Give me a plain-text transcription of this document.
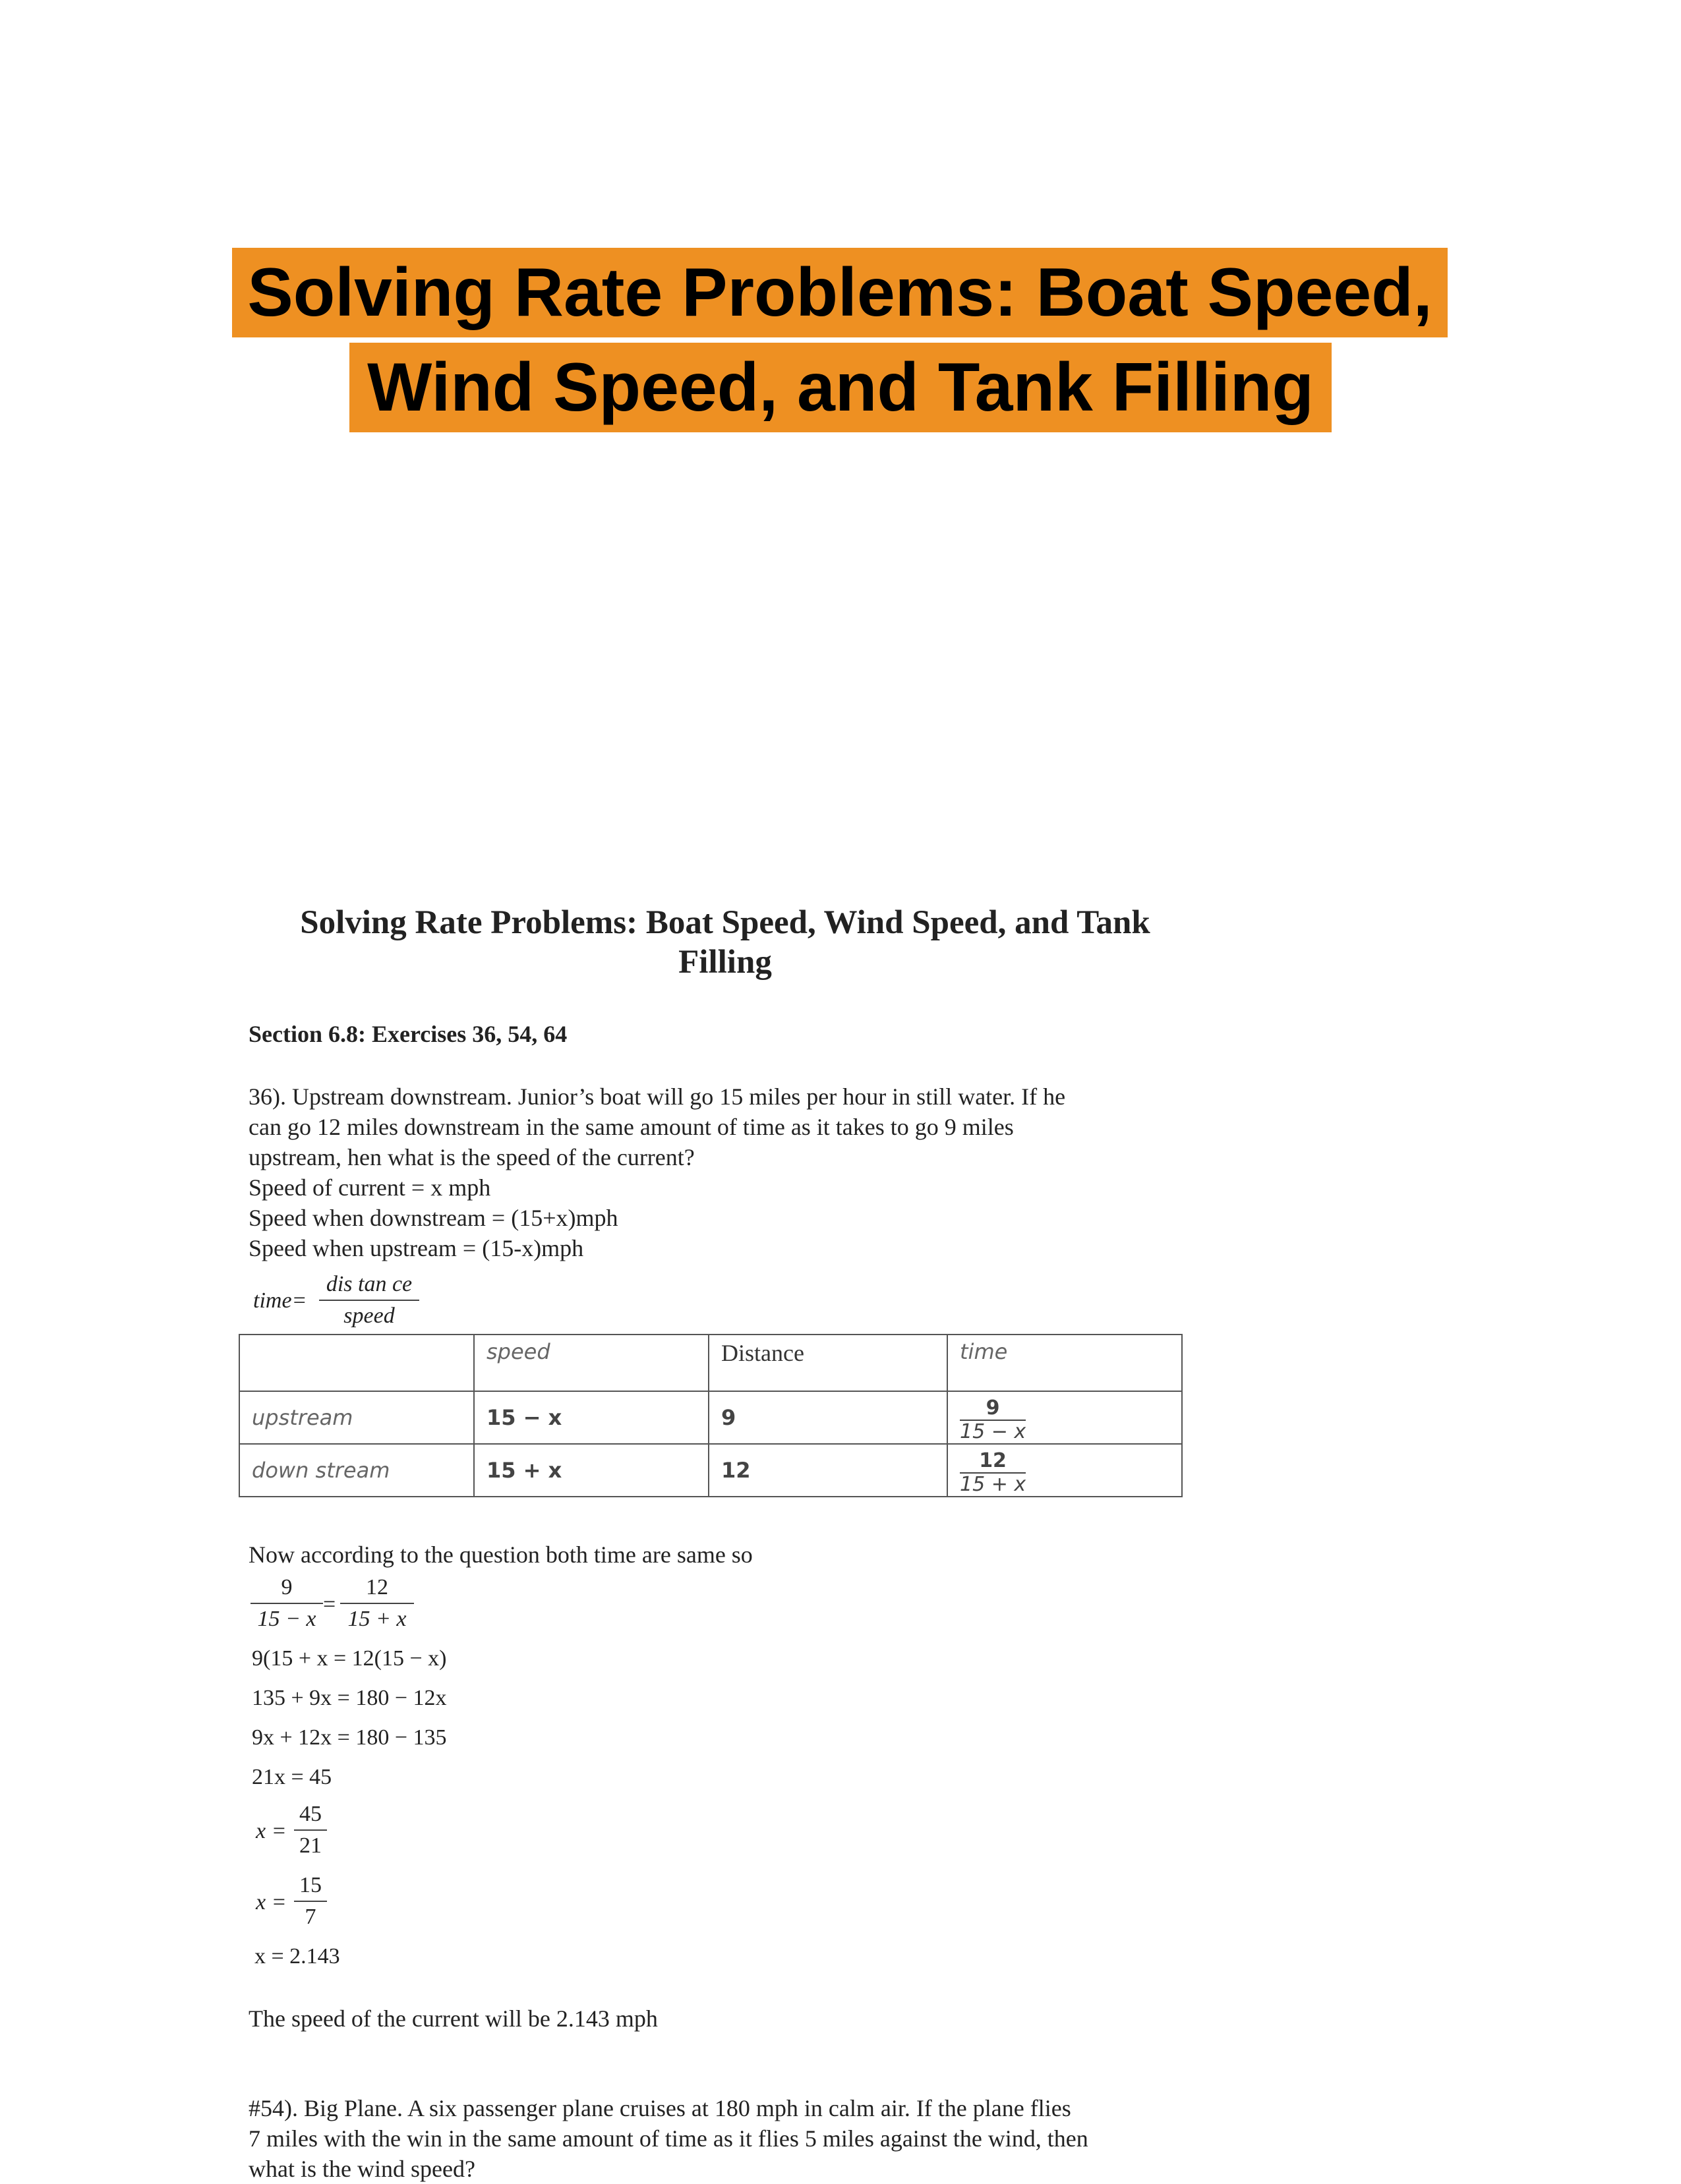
Solving Rate Problems: Boat Speed,
Wind Speed, and Tank Filling
Solving Rate Problems: Boat Speed, Wind Speed, and Tank
Filling
Section 6.8: Exercises 36, 54, 64
36). Upstream downstream. Junior’s boat will go 15 miles per hour in still water. If he
can go 12 miles downstream in the same amount of time as it takes to go 9 miles
upstream, hen what is the speed of the current?
Speed of current = x mph
Speed when downstream = (15+x)mph
Speed when upstream = (15-x)mph
time=
dis tan ce
speed
	speed	Distance	time
upstream	15 − x	9	$\frac{9}{15 - x}$

down stream	15 + x	12	$\frac{12}{15 + x}$
Now according to the question both time are same so
9
15 − x
=
12
15 + x
9(15 + x = 12(15 − x)
135 + 9x = 180 − 12x
9x + 12x = 180 − 135
21x = 45
x =
45
21
x =
15
7
x = 2.143
The speed of the current will be 2.143 mph
#54). Big Plane. A six passenger plane cruises at 180 mph in calm air. If the plane flies
7 miles with the win in the same amount of time as it flies 5 miles against the wind, then
what is the wind speed?
